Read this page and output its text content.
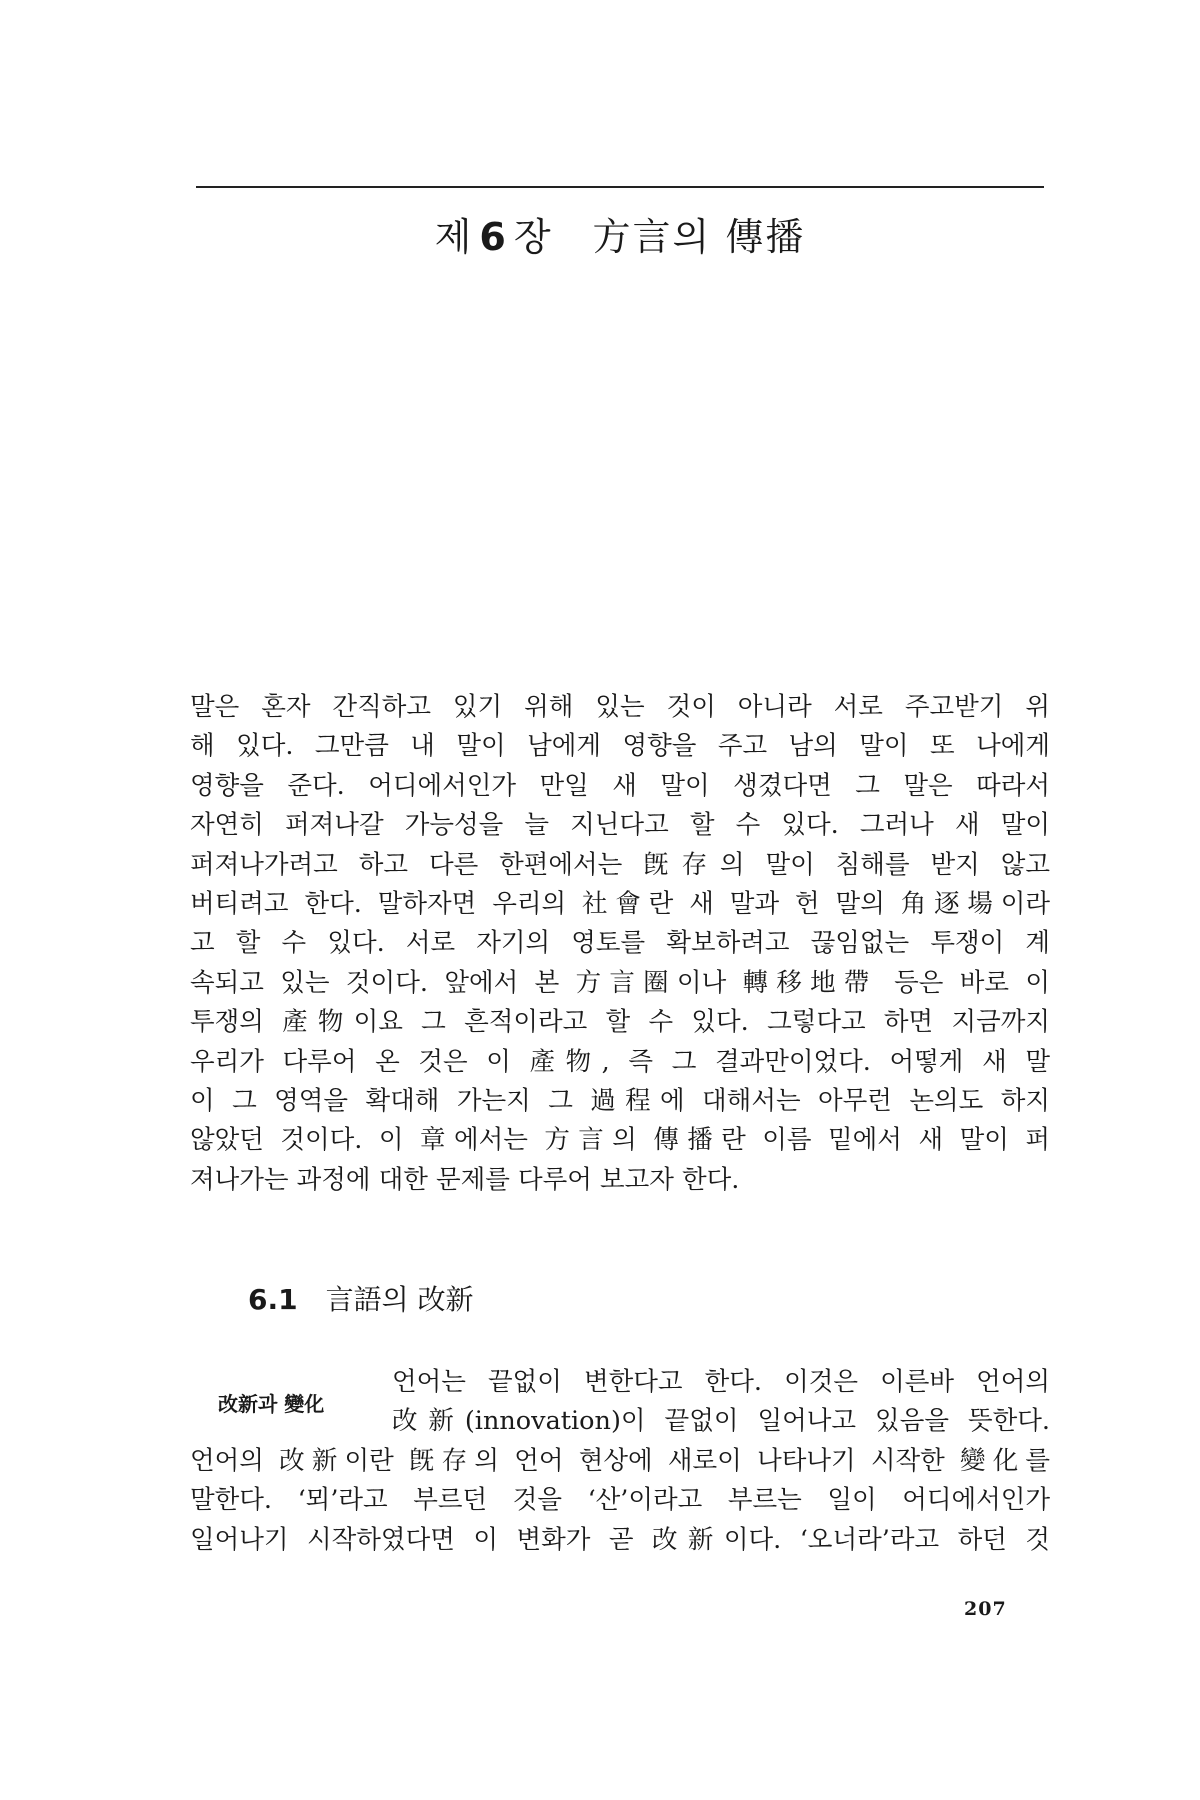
제 6 장 方言의 傳播
말은 혼자 간직하고 있기 위해 있는 것이 아니라 서로 주고받기 위
해 있다. 그만큼 내 말이 남에게 영향을 주고 남의 말이 또 나에게
영향을 준다. 어디에서인가 만일 새 말이 생겼다면 그 말은 따라서
자연히 퍼져나갈 가능성을 늘 지닌다고 할 수 있다. 그러나 새 말이
퍼져나가려고 하고 다른 한편에서는 旣存의 말이 침해를 받지 않고
버티려고 한다. 말하자면 우리의 社會란 새 말과 헌 말의 角逐場이라
고 할 수 있다. 서로 자기의 영토를 확보하려고 끊임없는 투쟁이 계
속되고 있는 것이다. 앞에서 본 方言圈이나 轉移地帶 등은 바로 이
투쟁의 產物이요 그 흔적이라고 할 수 있다. 그렇다고 하면 지금까지
우리가 다루어 온 것은 이 產物, 즉 그 결과만이었다. 어떻게 새 말
이 그 영역을 확대해 가는지 그 過程에 대해서는 아무런 논의도 하지
않았던 것이다. 이 章에서는 方言의 傳播란 이름 밑에서 새 말이 퍼
져나가는 과정에 대한 문제를 다루어 보고자 한다.
6.1 言語의 改新
改新과 變化
언어는 끝없이 변한다고 한다. 이것은 이른바 언어의
改新(innovation)이 끝없이 일어나고 있음을 뜻한다.
언어의 改新이란 旣存의 언어 현상에 새로이 나타나기 시작한 變化를
말한다. ‘뫼’라고 부르던 것을 ‘산’이라고 부르는 일이 어디에서인가
일어나기 시작하였다면 이 변화가 곧 改新이다. ‘오너라’라고 하던 것
207
